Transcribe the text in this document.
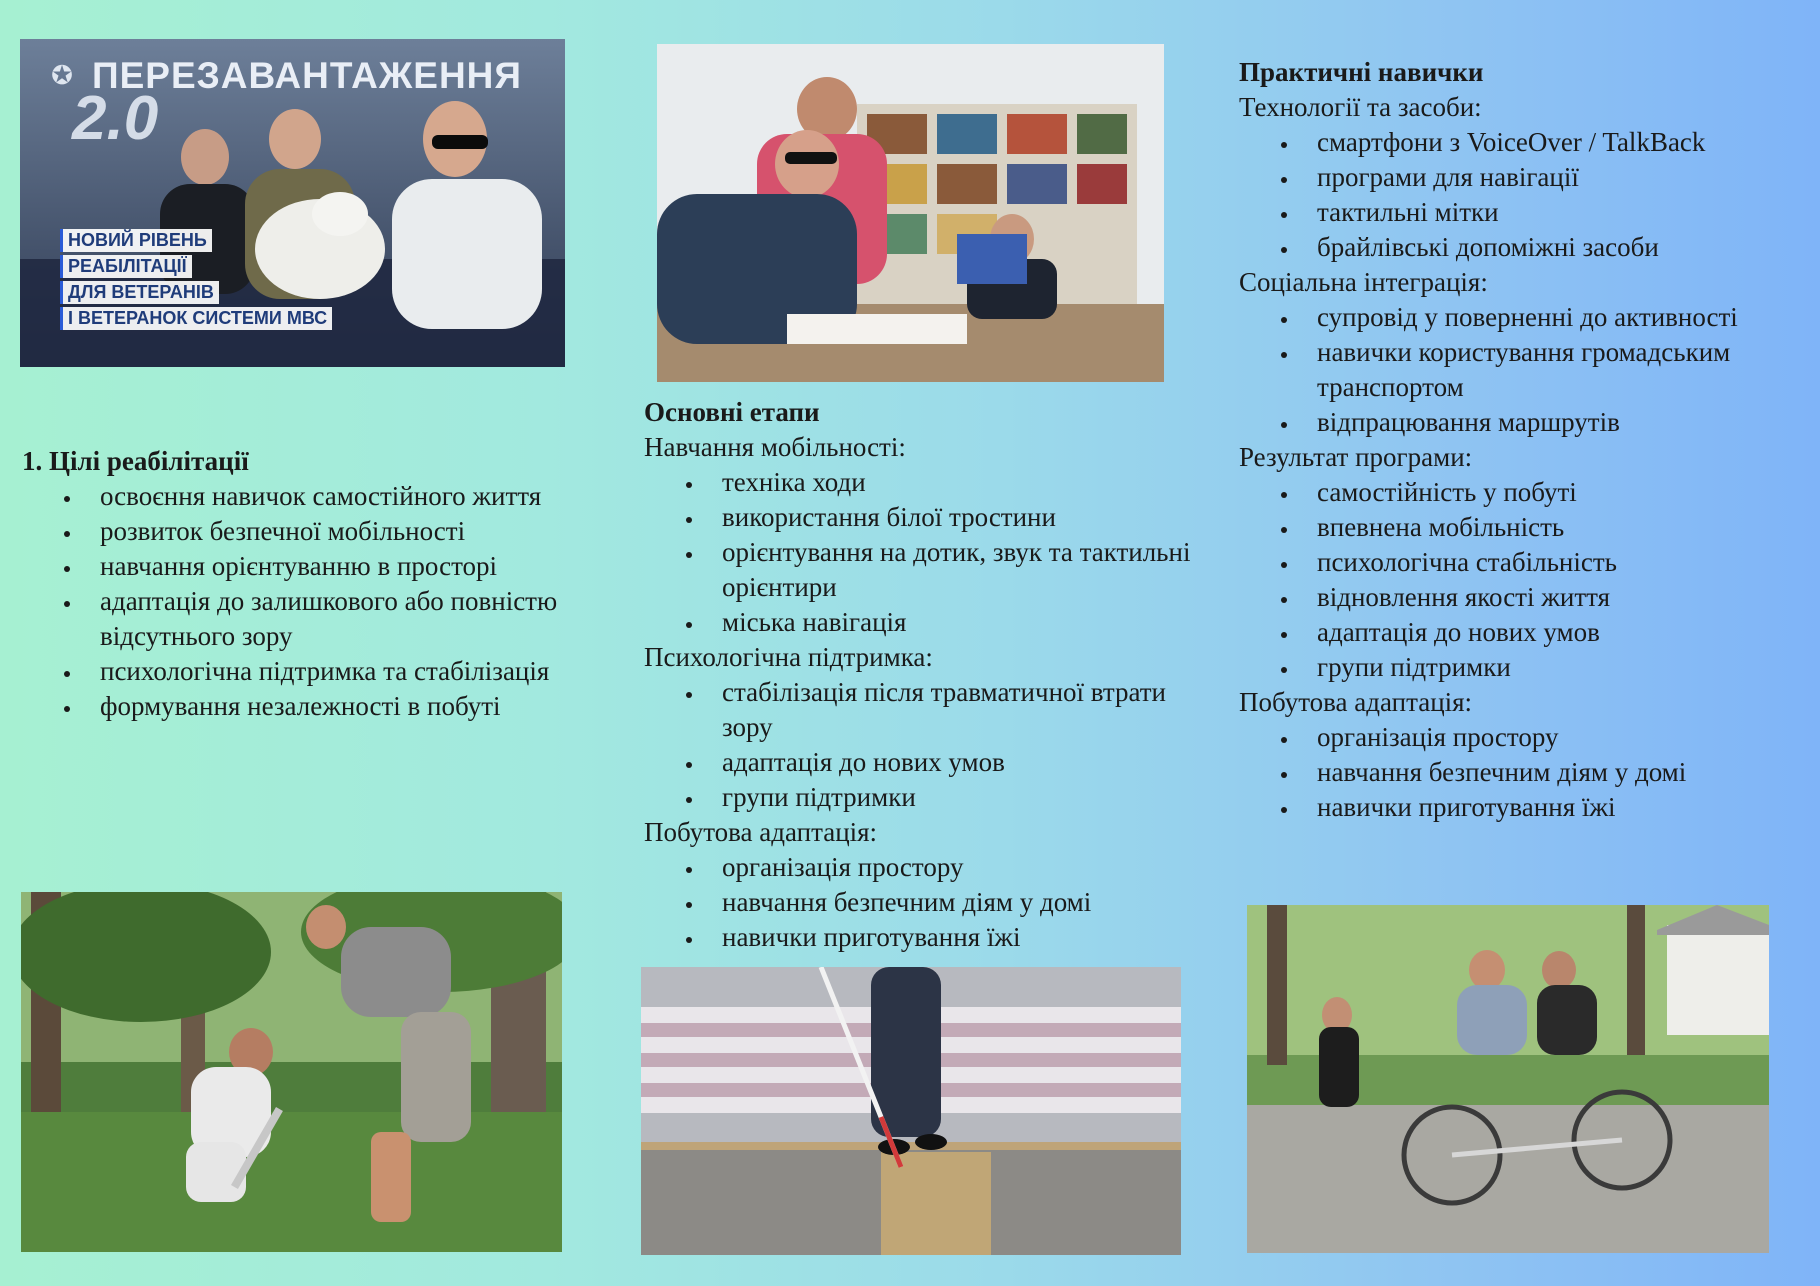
✪ ПЕРЕЗАВАНТАЖЕННЯ
2.0
НОВИЙ РІВЕНЬ
РЕАБІЛІТАЦІЇ
ДЛЯ ВЕТЕРАНІВ
І ВЕТЕРАНОК СИСТЕМИ МВС
1. Цілі реабілітації
освоєння навичок самостійного життя
розвиток безпечної мобільності
навчання орієнтуванню в просторі
адаптація до залишкового або повністю відсутнього зору
психологічна підтримка та стабілізація
формування незалежності в побуті
Основні етапи

Навчання мобільності:

техніка ходи
використання білої тростини
орієнтування на дотик, звук та тактильні орієнтири
міська навігація

Психологічна підтримка:

стабілізація після травматичної втрати зору
адаптація до нових умов
групи підтримки

Побутова адаптація:

організація простору
навчання безпечним діям у домі
навички приготування їжі
Практичні навички

Технології та засоби:

смартфони з VoiceOver / TalkBack
програми для навігації
тактильні мітки
брайлівські допоміжні засоби

Соціальна інтеграція:

супровід у поверненні до активності
навички користування громадським транспортом
відпрацювання маршрутів

Результат програми:

самостійність у побуті
впевнена мобільність
психологічна стабільність
відновлення якості життя
адаптація до нових умов
групи підтримки

Побутова адаптація:

організація простору
навчання безпечним діям у домі
навички приготування їжі
